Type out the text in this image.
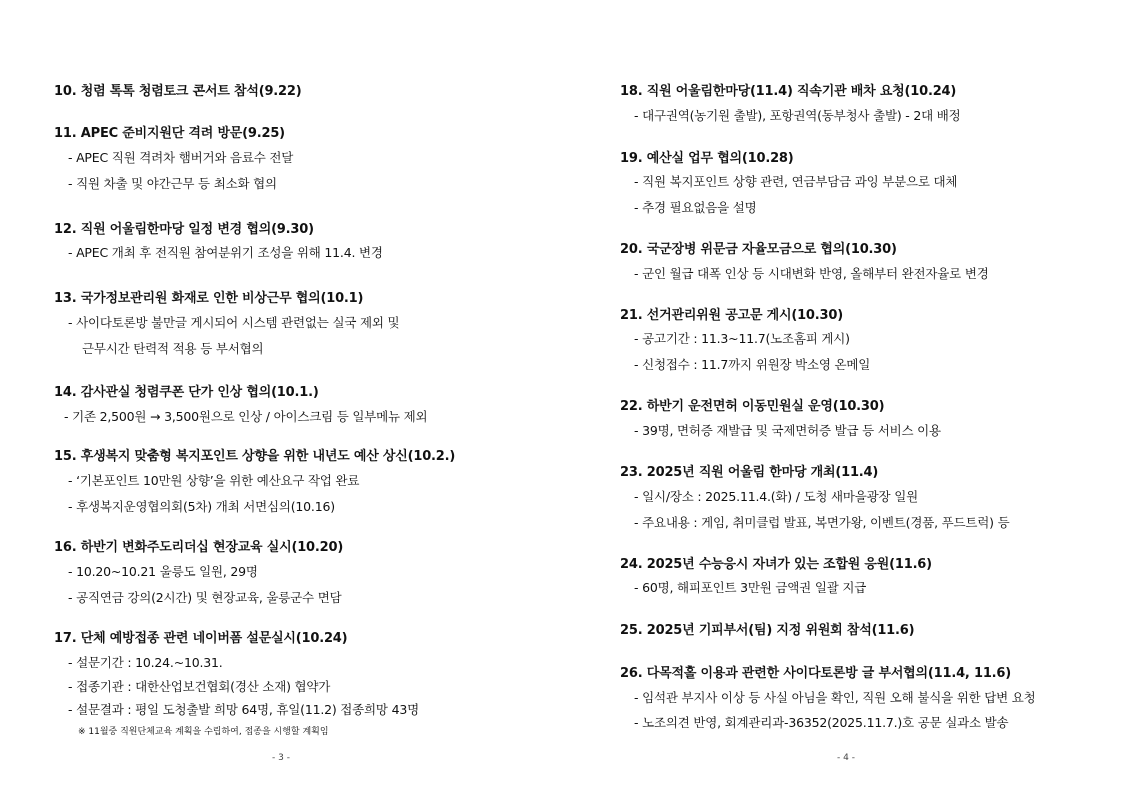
10. 청렴 톡톡 청렴토크 콘서트 참석(9.22)
11. APEC 준비지원단 격려 방문(9.25)
- APEC 직원 격려차 햄버거와 음료수 전달
- 직원 차출 및 야간근무 등 최소화 협의
12. 직원 어울림한마당 일정 변경 협의(9.30)
- APEC 개최 후 전직원 참여분위기 조성을 위해 11.4. 변경
13. 국가정보관리원 화재로 인한 비상근무 협의(10.1)
- 사이다토론방 불만글 게시되어 시스템 관련없는 실국 제외 및
근무시간 탄력적 적용 등 부서협의
14. 감사관실 청렴쿠폰 단가 인상 협의(10.1.)
- 기존 2,500원 → 3,500원으로 인상 / 아이스크림 등 일부메뉴 제외
15. 후생복지 맞춤형 복지포인트 상향을 위한 내년도 예산 상신(10.2.)
- ‘기본포인트 10만원 상향’을 위한 예산요구 작업 완료
- 후생복지운영협의회(5차) 개최 서면심의(10.16)
16. 하반기 변화주도리더십 현장교육 실시(10.20)
- 10.20~10.21 울릉도 일원, 29명
- 공직연금 강의(2시간) 및 현장교육, 울릉군수 면담
17. 단체 예방접종 관련 네이버폼 설문실시(10.24)
- 설문기간 : 10.24.~10.31.
- 접종기관 : 대한산업보건협회(경산 소재) 협약가
- 설문결과 : 평일 도청출발 희망 64명, 휴일(11.2) 접종희망 43명
※ 11월중 직원단체교육 계획을 수립하여, 접종을 시행할 계획임
- 3 -
18. 직원 어울림한마당(11.4) 직속기관 배차 요청(10.24)
- 대구권역(농기원 출발), 포항권역(동부청사 출발) - 2대 배정
19. 예산실 업무 협의(10.28)
- 직원 복지포인트 상향 관련, 연금부담금 과잉 부분으로 대체
- 추경 필요없음을 설명
20. 국군장병 위문금 자율모금으로 협의(10.30)
- 군인 월급 대폭 인상 등 시대변화 반영, 올해부터 완전자율로 변경
21. 선거관리위원 공고문 게시(10.30)
- 공고기간 : 11.3~11.7(노조홈피 게시)
- 신청접수 : 11.7까지 위원장 박소영 온메일
22. 하반기 운전면허 이동민원실 운영(10.30)
- 39명, 면허증 재발급 및 국제면허증 발급 등 서비스 이용
23. 2025년 직원 어울림 한마당 개최(11.4)
- 일시/장소 : 2025.11.4.(화) / 도청 새마을광장 일원
- 주요내용 : 게임, 취미클럽 발표, 복면가왕, 이벤트(경품, 푸드트럭) 등
24. 2025년 수능응시 자녀가 있는 조합원 응원(11.6)
- 60명, 해피포인트 3만원 금액권 일괄 지급
25. 2025년 기피부서(팀) 지정 위원회 참석(11.6)
26. 다목적홀 이용과 관련한 사이다토론방 글 부서협의(11.4, 11.6)
- 임석관 부지사 이상 등 사실 아님을 확인, 직원 오해 불식을 위한 답변 요청
- 노조의견 반영, 회계관리과-36352(2025.11.7.)호 공문 실과소 발송
- 4 -
